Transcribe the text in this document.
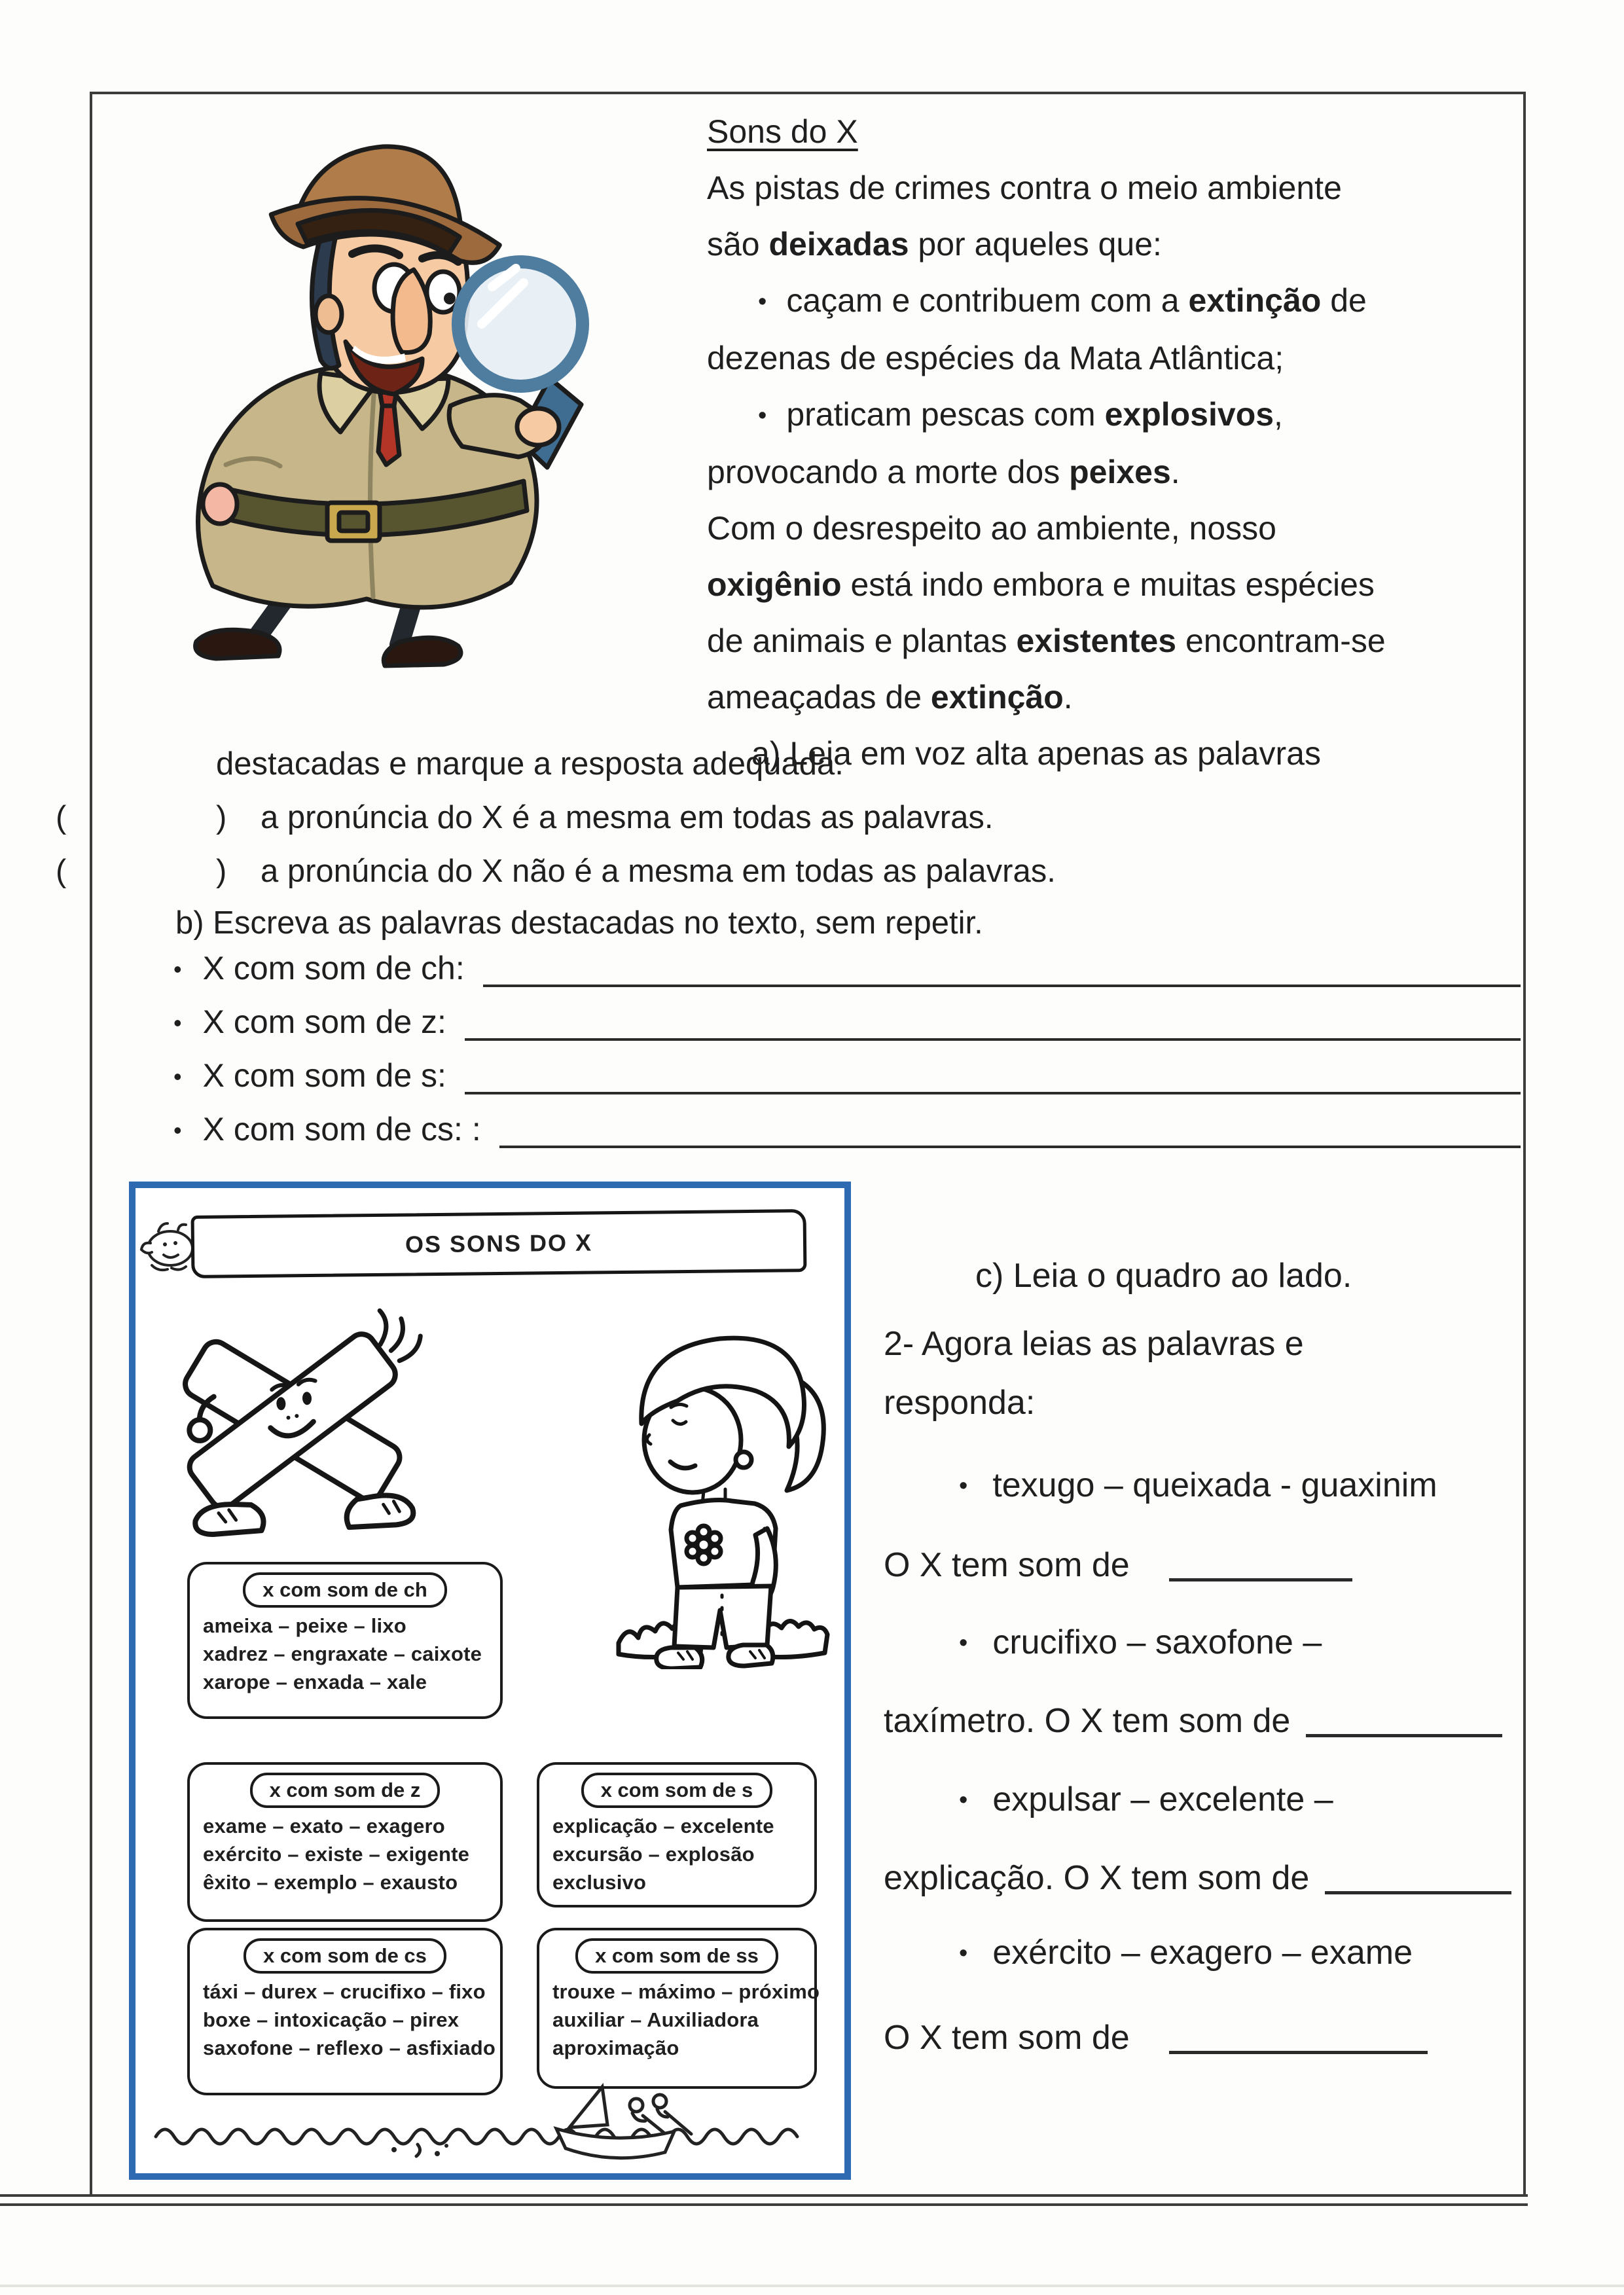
Sons do X
As pistas de crimes contra o meio ambiente
são deixadas por aqueles que:
• caçam e contribuem com a extinção de
dezenas de espécies da Mata Atlântica;
• praticam pescas com explosivos,
provocando a morte dos peixes.
Com o desrespeito ao ambiente, nosso
oxigênio está indo embora e muitas espécies
de animais e plantas existentes encontram-se
ameaçadas de extinção.
a) Leia em voz alta apenas as palavras
destacadas e marque a resposta adequada.
(	) a pronúncia do X é a mesma em todas as palavras.
(	) a pronúncia do X não é a mesma em todas as palavras.
b) Escreva as palavras destacadas no texto, sem repetir.
• X com som de ch:
• X com som de z:
• X com som de s:
• X com som de cs: :
OS SONS DO X
x com som de ch
ameixa – peixe – lixo
xadrez – engraxate – caixote
xarope – enxada – xale
x com som de z
exame – exato – exagero
exército – existe – exigente
êxito – exemplo – exausto
x com som de s
explicação – excelente
excursão – explosão
exclusivo
x com som de cs
táxi – durex – crucifixo – fixo
boxe – intoxicação – pirex
saxofone – reflexo – asfixiado
x com som de ss
trouxe – máximo – próximo
auxiliar – Auxiliadora
aproximação
c) Leia o quadro ao lado.
2- Agora leias as palavras e
responda:
• texugo – queixada - guaxinim
O X tem som de
• crucifixo – saxofone –
taxímetro. O X tem som de
• expulsar – excelente –
explicação. O X tem som de
• exército – exagero – exame
O X tem som de
